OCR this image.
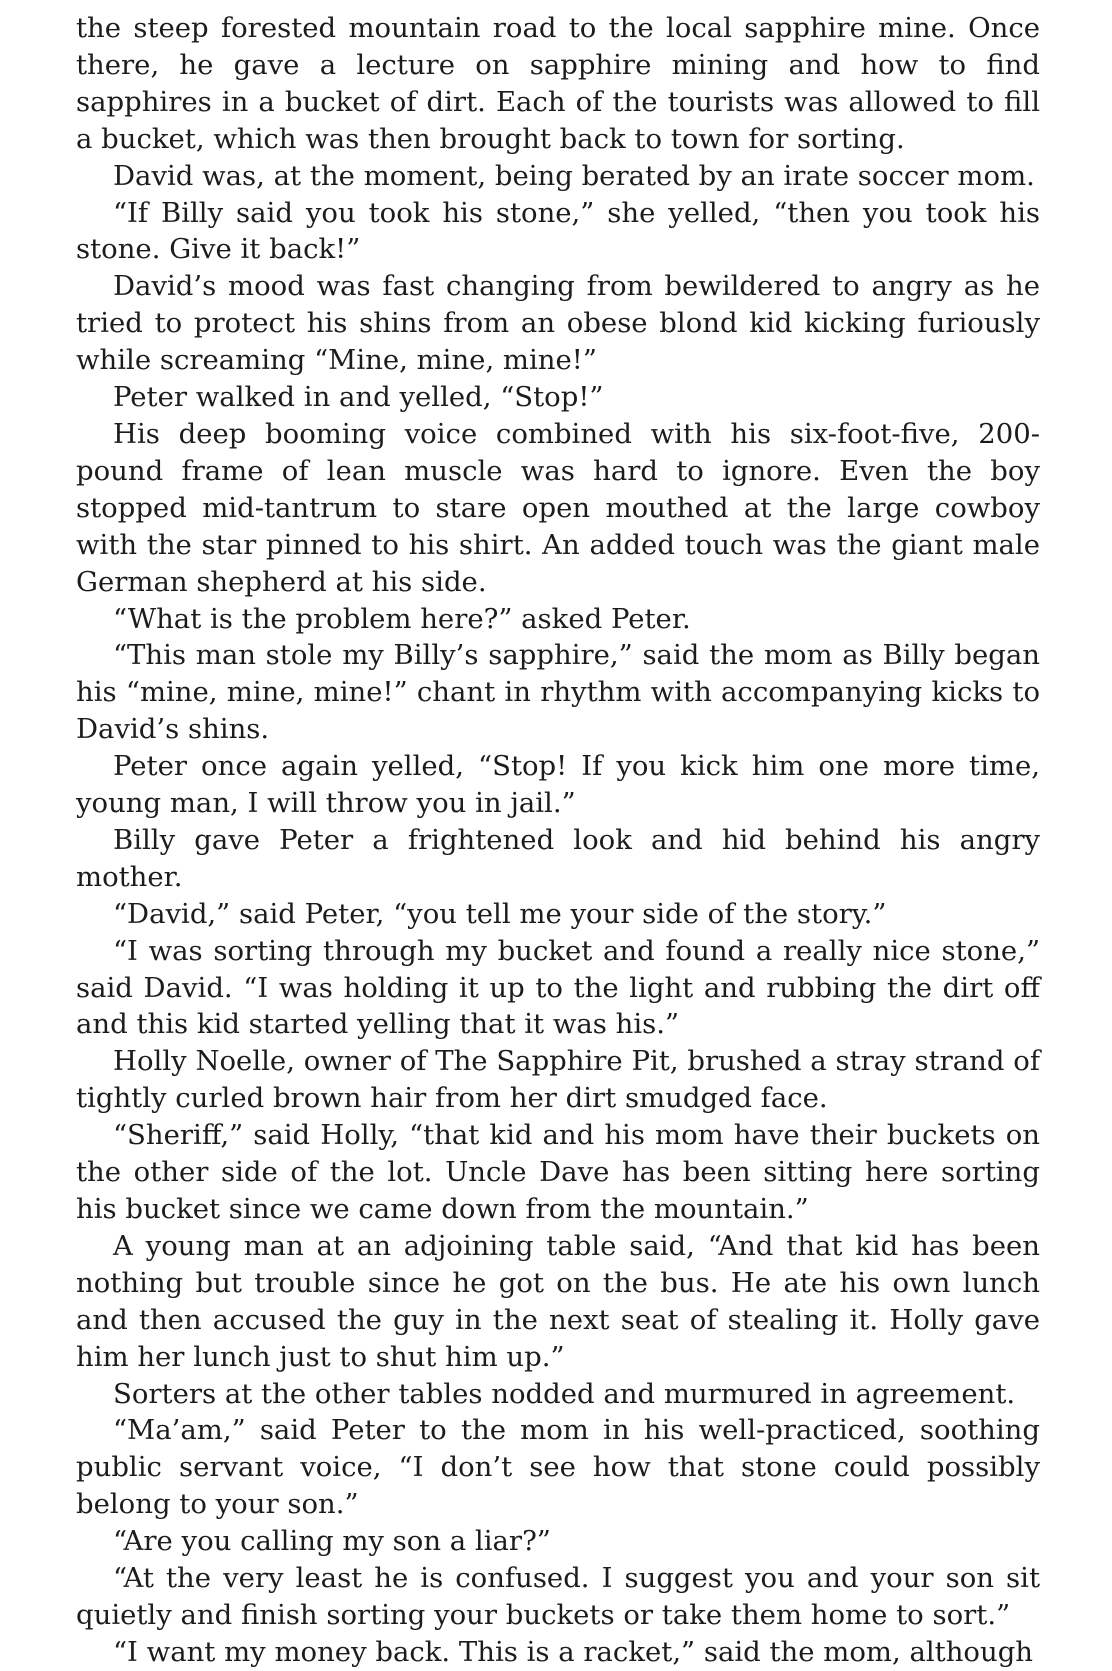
the steep forested mountain road to the local sapphire mine. Once there, he gave a lecture on sapphire mining and how to find sapphires in a bucket of dirt. Each of the tourists was allowed to fill a bucket, which was then brought back to town for sorting.

David was, at the moment, being berated by an irate soccer mom.

“If Billy said you took his stone,” she yelled, “then you took his stone. Give it back!”

David’s mood was fast changing from bewildered to angry as he tried to protect his shins from an obese blond kid kicking furiously while screaming “Mine, mine, mine!”

Peter walked in and yelled, “Stop!”

His deep booming voice combined with his six-foot-five, 200-pound frame of lean muscle was hard to ignore. Even the boy stopped mid-tantrum to stare open mouthed at the large cowboy with the star pinned to his shirt. An added touch was the giant male German shepherd at his side.

“What is the problem here?” asked Peter.

“This man stole my Billy’s sapphire,” said the mom as Billy began his “mine, mine, mine!” chant in rhythm with accompanying kicks to David’s shins.

Peter once again yelled, “Stop! If you kick him one more time, young man, I will throw you in jail.”

Billy gave Peter a frightened look and hid behind his angry mother.

“David,” said Peter, “you tell me your side of the story.”

“I was sorting through my bucket and found a really nice stone,” said David. “I was holding it up to the light and rubbing the dirt off and this kid started yelling that it was his.”

Holly Noelle, owner of The Sapphire Pit, brushed a stray strand of tightly curled brown hair from her dirt smudged face.

“Sheriff,” said Holly, “that kid and his mom have their buckets on the other side of the lot. Uncle Dave has been sitting here sorting his bucket since we came down from the mountain.”

A young man at an adjoining table said, “And that kid has been nothing but trouble since he got on the bus. He ate his own lunch and then accused the guy in the next seat of stealing it. Holly gave him her lunch just to shut him up.”

Sorters at the other tables nodded and murmured in agreement.

“Ma’am,” said Peter to the mom in his well-practiced, soothing public servant voice, “I don’t see how that stone could possibly belong to your son.”

“Are you calling my son a liar?”

“At the very least he is confused. I suggest you and your son sit quietly and finish sorting your buckets or take them home to sort.”

“I want my money back. This is a racket,” said the mom, although
